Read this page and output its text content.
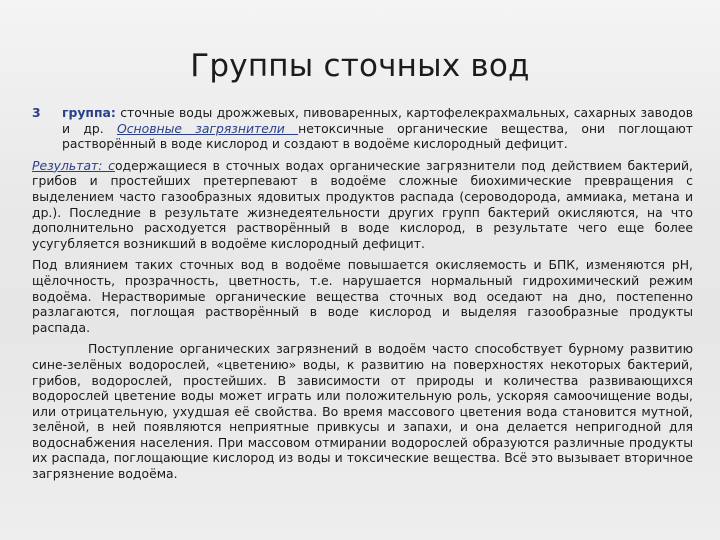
Группы сточных вод

3 группа: сточные воды дрожжевых, пивоваренных, картофелекрахмальных, сахарных заводов и др. Основные загрязнители нетоксичные органические вещества, они поглощают растворённый в воде кислород и создают в водоёме кислородный дефицит.

Результат: содержащиеся в сточных водах органические загрязнители под действием бактерий, грибов и простейших претерпевают в водоёме сложные биохимические превращения с выделением часто газообразных ядовитых продуктов распада (сероводорода, аммиака, метана и др.). Последние в результате жизнедеятельности других групп бактерий окисляются, на что дополнительно расходуется растворённый в воде кислород, в результате чего еще более усугубляется возникший в водоёме кислородный дефицит.

Под влиянием таких сточных вод в водоёме повышается окисляемость и БПК, изменяются рН, щёлочность, прозрачность, цветность, т.е. нарушается нормальный гидрохимический режим водоёма. Нерастворимые органические вещества сточных вод оседают на дно, постепенно разлагаются, поглощая растворённый в воде кислород и выделяя газообразные продукты распада.

Поступление органических загрязнений в водоём часто способствует бурному развитию сине-зелёных водорослей, «цветению» воды, к развитию на поверхностях некоторых бактерий, грибов, водорослей, простейших. В зависимости от природы и количества развивающихся водорослей цветение воды может играть или положительную роль, ускоряя самоочищение воды, или отрицательную, ухудшая её свойства. Во время массового цветения вода становится мутной, зелёной, в ней появляются неприятные привкусы и запахи, и она делается непригодной для водоснабжения населения. При массовом отмирании водорослей образуются различные продукты их распада, поглощающие кислород из воды и токсические вещества. Всё это вызывает вторичное загрязнение водоёма.
